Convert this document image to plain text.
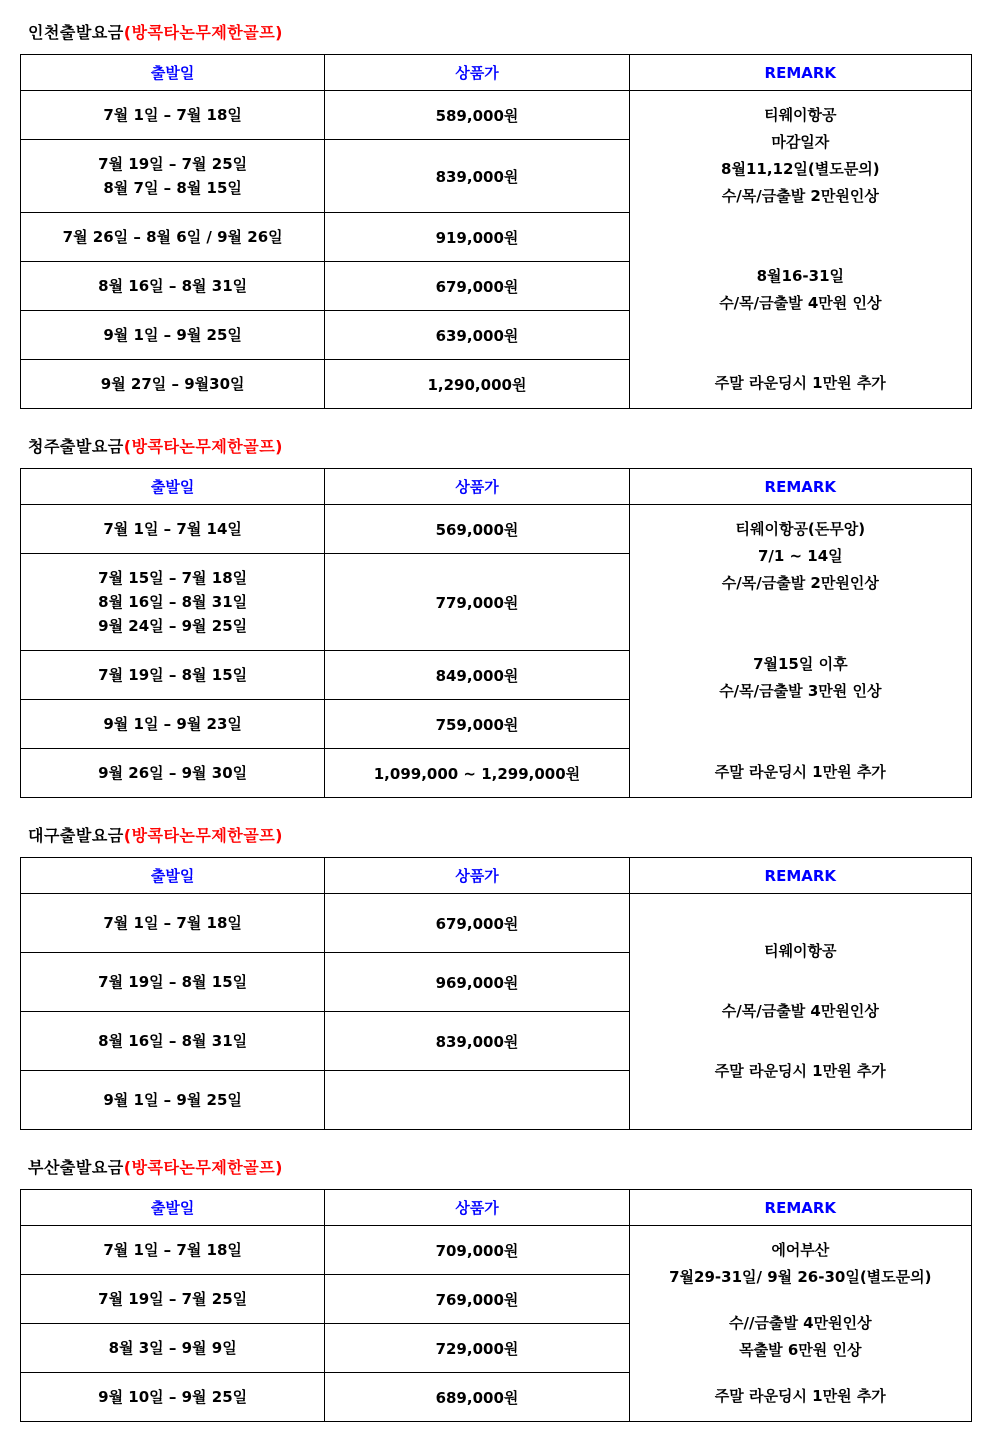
인천출발요금(방콕타논무제한골프)
출발일	상품가	REMARK

7월 1일 – 7월 18일	589,000원	티웨이항공
마감일자
8월11,12일(별도문의)
수/목/금출발 2만원인상
8월16-31일
수/목/금출발 4만원 인상
주말 라운딩시 1만원 추가

7월 19일 – 7월 25일
8월 7일 – 8월 15일	839,000원	

7월 26일 – 8월 6일 / 9월 26일	919,000원	

8월 16일 – 8월 31일	679,000원	

9월 1일 – 9월 25일	639,000원	

9월 27일 – 9월30일	1,290,000원	
청주출발요금(방콕타논무제한골프)
출발일	상품가	REMARK

7월 1일 – 7월 14일	569,000원	티웨이항공(돈무앙)
7/1 ~ 14일
수/목/금출발 2만원인상
7월15일 이후
수/목/금출발 3만원 인상
주말 라운딩시 1만원 추가

7월 15일 – 7월 18일
8월 16일 – 8월 31일
9월 24일 – 9월 25일	779,000원	

7월 19일 – 8월 15일	849,000원	

9월 1일 – 9월 23일	759,000원	

9월 26일 – 9월 30일	1,099,000 ~ 1,299,000원	
대구출발요금(방콕타논무제한골프)
출발일	상품가	REMARK

7월 1일 – 7월 18일	679,000원	티웨이항공
수/목/금출발 4만원인상
주말 라운딩시 1만원 추가

7월 19일 – 8월 15일	969,000원	

8월 16일 – 8월 31일	839,000원	

9월 1일 – 9월 25일		

부산출발요금(방콕타논무제한골프)
출발일	상품가	REMARK

7월 1일 – 7월 18일	709,000원	에어부산
7월29-31일/ 9월 26-30일(별도문의)
수//금출발 4만원인상
목출발 6만원 인상
주말 라운딩시 1만원 추가

7월 19일 – 7월 25일	769,000원	

8월 3일 – 9월 9일	729,000원	

9월 10일 – 9월 25일	689,000원	
